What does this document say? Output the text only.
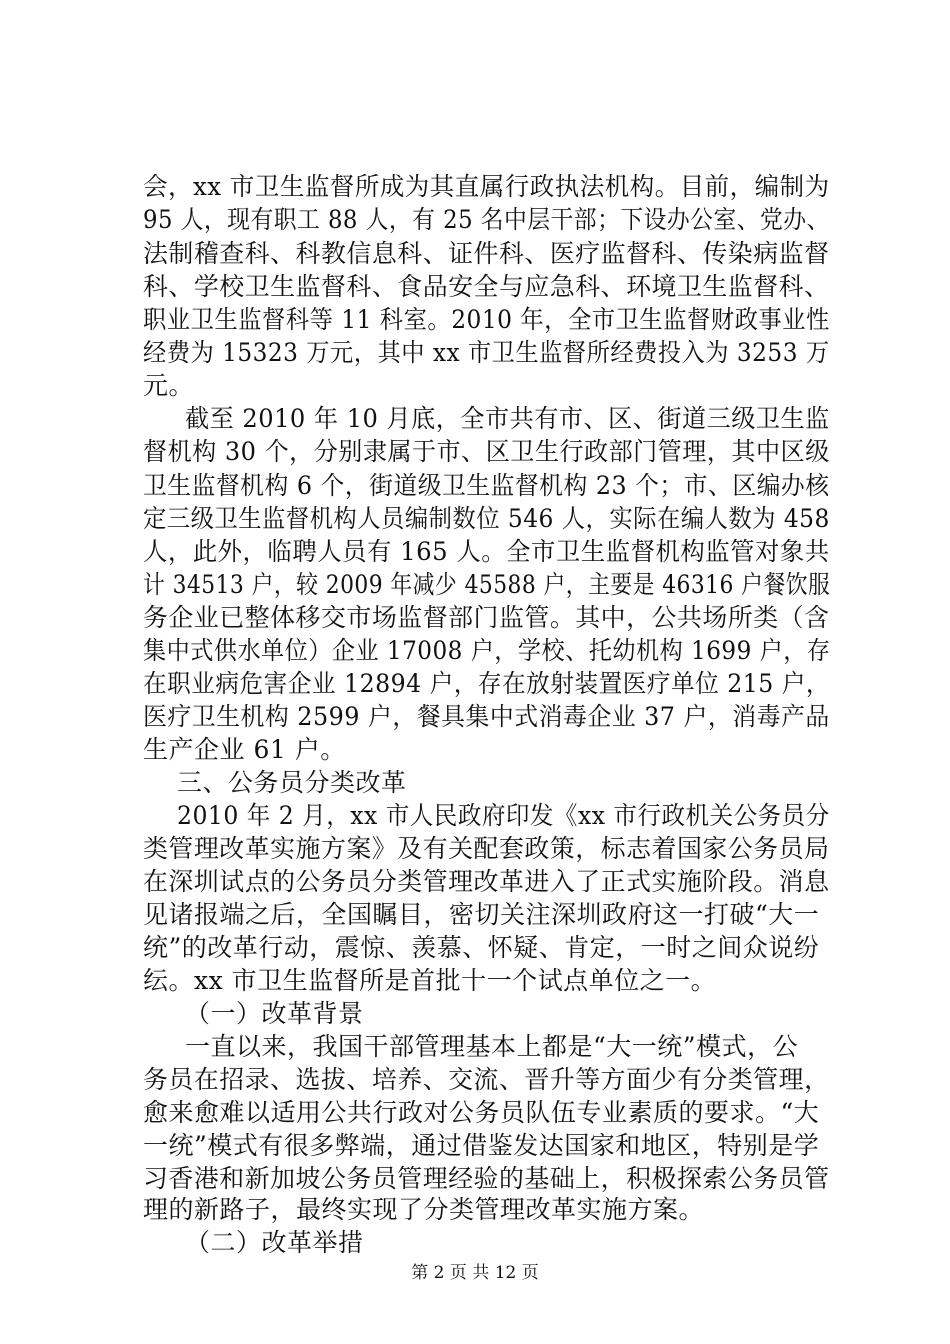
会，xx 市卫生监督所成为其直属行政执法机构。目前，编制为
95 人，现有职工 88 人，有 25 名中层干部；下设办公室、党办、
法制稽查科、科教信息科、证件科、医疗监督科、传染病监督
科、学校卫生监督科、食品安全与应急科、环境卫生监督科、
职业卫生监督科等 11 科室。2010 年，全市卫生监督财政事业性
经费为 15323 万元，其中 xx 市卫生监督所经费投入为 3253 万
元。
截至 2010 年 10 月底，全市共有市、区、街道三级卫生监
督机构 30 个，分别隶属于市、区卫生行政部门管理，其中区级
卫生监督机构 6 个，街道级卫生监督机构 23 个；市、区编办核
定三级卫生监督机构人员编制数位 546 人，实际在编人数为 458
人，此外，临聘人员有 165 人。全市卫生监督机构监管对象共
计 34513 户，较 2009 年减少 45588 户，主要是 46316 户餐饮服
务企业已整体移交市场监督部门监管。其中，公共场所类（含
集中式供水单位）企业 17008 户，学校、托幼机构 1699 户，存
在职业病危害企业 12894 户，存在放射装置医疗单位 215 户，
医疗卫生机构 2599 户，餐具集中式消毒企业 37 户，消毒产品
生产企业 61 户。
三、公务员分类改革
2010 年 2 月，xx 市人民政府印发《xx 市行政机关公务员分
类管理改革实施方案》及有关配套政策，标志着国家公务员局
在深圳试点的公务员分类管理改革进入了正式实施阶段。消息
见诸报端之后，全国瞩目，密切关注深圳政府这一打破“大一
统”的改革行动，震惊、羡慕、怀疑、肯定，一时之间众说纷
纭。xx 市卫生监督所是首批十一个试点单位之一。
（一）改革背景
一直以来，我国干部管理基本上都是“大一统”模式，公
务员在招录、选拔、培养、交流、晋升等方面少有分类管理，
愈来愈难以适用公共行政对公务员队伍专业素质的要求。“大
一统”模式有很多弊端，通过借鉴发达国家和地区，特别是学
习香港和新加坡公务员管理经验的基础上，积极探索公务员管
理的新路子，最终实现了分类管理改革实施方案。
（二）改革举措
第 2 页 共 12 页
